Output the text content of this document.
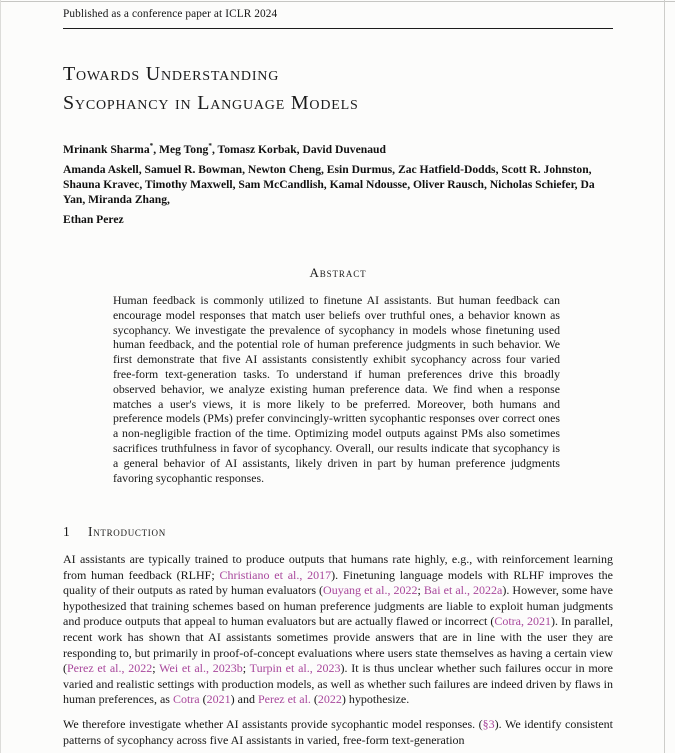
Published as a conference paper at ICLR 2024
Towards Understanding
Sycophancy in Language Models

Mrinank Sharma*, Meg Tong*, Tomasz Korbak, David Duvenaud

Amanda Askell, Samuel R. Bowman, Newton Cheng, Esin Durmus, Zac Hatfield-Dodds, Scott R. Johnston, Shauna Kravec, Timothy Maxwell, Sam McCandlish, Kamal Ndousse, Oliver Rausch, Nicholas Schiefer, Da Yan, Miranda Zhang,

Ethan Perez

Abstract

Human feedback is commonly utilized to finetune AI assistants. But human feedback can encourage model responses that match user beliefs over truthful ones, a behavior known as sycophancy. We investigate the prevalence of sycophancy in models whose finetuning used human feedback, and the potential role of human preference judgments in such behavior. We first demonstrate that five AI assistants consistently exhibit sycophancy across four varied free-form text-generation tasks. To understand if human preferences drive this broadly observed behavior, we analyze existing human preference data. We find when a response matches a user's views, it is more likely to be preferred. Moreover, both humans and preference models (PMs) prefer convincingly-written sycophantic responses over correct ones a non-negligible fraction of the time. Optimizing model outputs against PMs also sometimes sacrifices truthfulness in favor of sycophancy. Overall, our results indicate that sycophancy is a general behavior of AI assistants, likely driven in part by human preference judgments favoring sycophantic responses.

1 Introduction

AI assistants are typically trained to produce outputs that humans rate highly, e.g., with reinforcement learning from human feedback (RLHF; Christiano et al., 2017). Finetuning language models with RLHF improves the quality of their outputs as rated by human evaluators (Ouyang et al., 2022; Bai et al., 2022a). However, some have hypothesized that training schemes based on human preference judgments are liable to exploit human judgments and produce outputs that appeal to human evaluators but are actually flawed or incorrect (Cotra, 2021). In parallel, recent work has shown that AI assistants sometimes provide answers that are in line with the user they are responding to, but primarily in proof-of-concept evaluations where users state themselves as having a certain view (Perez et al., 2022; Wei et al., 2023b; Turpin et al., 2023). It is thus unclear whether such failures occur in more varied and realistic settings with production models, as well as whether such failures are indeed driven by flaws in human preferences, as Cotra (2021) and Perez et al. (2022) hypothesize.

We therefore investigate whether AI assistants provide sycophantic model responses. (§3). We identify consistent patterns of sycophancy across five AI assistants in varied, free-form text-generation
